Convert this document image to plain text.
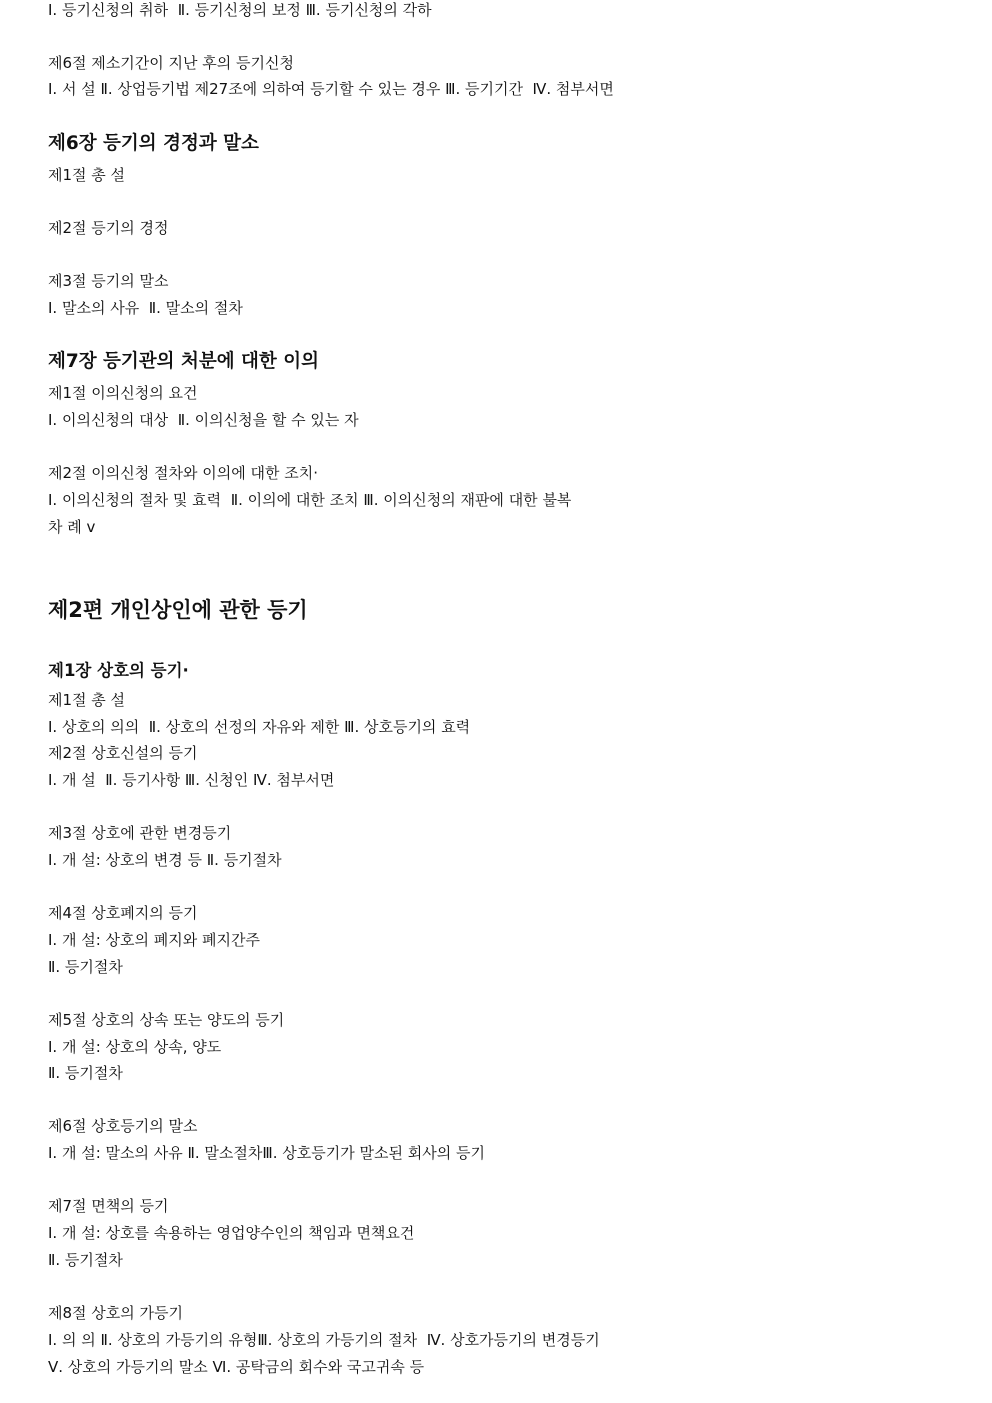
Ⅰ. 등기신청의 취하  Ⅱ. 등기신청의 보정 Ⅲ. 등기신청의 각하

제6절 제소기간이 지난 후의 등기신청

Ⅰ. 서 설 Ⅱ. 상업등기법 제27조에 의하여 등기할 수 있는 경우 Ⅲ. 등기기간  Ⅳ. 첨부서면

제6장 등기의 경정과 말소

제1절 총 설

제2절 등기의 경정

제3절 등기의 말소

Ⅰ. 말소의 사유  Ⅱ. 말소의 절차

제7장 등기관의 처분에 대한 이의

제1절 이의신청의 요건

Ⅰ. 이의신청의 대상  Ⅱ. 이의신청을 할 수 있는 자

제2절 이의신청 절차와 이의에 대한 조치·

Ⅰ. 이의신청의 절차 및 효력  Ⅱ. 이의에 대한 조치 Ⅲ. 이의신청의 재판에 대한 불복

차 례 v

제2편 개인상인에 관한 등기

제1장 상호의 등기·

제1절 총 설

Ⅰ. 상호의 의의  Ⅱ. 상호의 선정의 자유와 제한 Ⅲ. 상호등기의 효력

제2절 상호신설의 등기

Ⅰ. 개 설  Ⅱ. 등기사항 Ⅲ. 신청인 Ⅳ. 첨부서면

제3절 상호에 관한 변경등기

Ⅰ. 개 설: 상호의 변경 등 Ⅱ. 등기절차

제4절 상호폐지의 등기

Ⅰ. 개 설: 상호의 폐지와 폐지간주

Ⅱ. 등기절차

제5절 상호의 상속 또는 양도의 등기

Ⅰ. 개 설: 상호의 상속, 양도

Ⅱ. 등기절차

제6절 상호등기의 말소

Ⅰ. 개 설: 말소의 사유 Ⅱ. 말소절차Ⅲ. 상호등기가 말소된 회사의 등기

제7절 면책의 등기

Ⅰ. 개 설: 상호를 속용하는 영업양수인의 책임과 면책요건

Ⅱ. 등기절차

제8절 상호의 가등기

Ⅰ. 의 의 Ⅱ. 상호의 가등기의 유형Ⅲ. 상호의 가등기의 절차  Ⅳ. 상호가등기의 변경등기

Ⅴ. 상호의 가등기의 말소 Ⅵ. 공탁금의 회수와 국고귀속 등
